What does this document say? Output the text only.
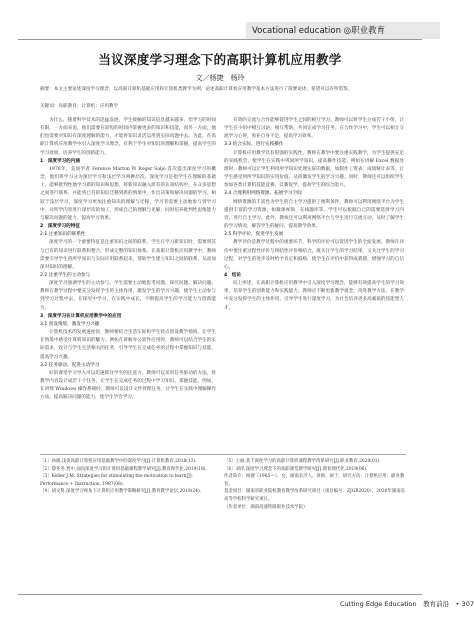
Vocational education ◎职业教育
当议深度学习理念下的高职计算机应用教学
文／杨捷　杨玲
摘要：本文主要论述深度学习理念，以高职计算机基础应用和计算机类教学为例，论述高职计算机应用教学基本方法进行了简要论述，希望可以有所借鉴。
关键词：高职教育；计算机；应用教学

为什么，随着科学技术的迅猛发展，学生接触的知识信息越来越多，但学习的时间有限。一方面来说，他们需要在较短的时间内掌握更多的知识和技能，而另一方面，他们也需要对知识有深度理解的能力，才能将知识灵活运用到实际问题中去。为此，在高职计算机应用教学中引入深度学习理念，有利于学生对知识的理解和掌握，提高学生的学习效果，培养学生的创新能力。

1　深度学习的内涵

1976年，美国学者 Ference Marton 和 Roger Saljo 首次提出深度学习的概念，他们将学习分为深层学习和浅层学习两种层次。深度学习是指学生在理解的基础上，能够批判性地学习新的知识和思想，将新知识融入原有的认知结构中，在众多思想之间进行联系，并能将已有的知识迁移到新的情境中，作出决策和解决问题的学习。相较于浅层学习，深度学习更加注重知识的理解与迁移，学习者需要主动地参与到学习中，对所学内容进行深层次的加工，形成自己的理解与见解，同时培养批判性思维能力与解决问题的能力，提高学习效果。

2　深度学习的特征

2.1 注重知识的联系性

深度学习的一个重要特征是注重知识之间的联系，学生在学习新知识时，需要将其与已有的知识进行联系和整合，形成完整的知识体系。在高职计算机应用教学中，教师需要引导学生将所学知识与实际应用联系起来，帮助学生建立知识之间的联系，从而加深对知识的理解。

2.2 注重学生的主动参与

深度学习强调学生的主动参与，学生需要主动地思考问题、探究问题、解决问题。教师在教学过程中要充分发挥学生的主体作用，激发学生的学习兴趣，使学生主动参与到学习过程中去，在探究中学习，在实践中成长，不断提高学生的学习能力与创新能力。

3　深度学习在计算机应用教学中的应用

3.1 创设情境，激发学习兴趣

计算机技术的发展速度快，教师要结合生活实际和学生特点创设教学情境，让学生在情境中感受计算机知识的魅力。例如在讲解办公软件应用时，教师可以结合学生的实际需求，设计与学生生活相关的任务，引导学生在完成任务的过程中掌握知识与技能，提高学习兴趣。

3.2 任务驱动，促进主动学习

好的课堂学习导入可以迅速抓住学生的注意力，教师可以采用任务驱动的方法，将教学内容设计成若干个任务，让学生在完成任务的过程中学习知识、掌握技能。例如，在讲授 Windows 操作系统时，教师可以设计文件管理任务，让学生在实践中理解操作方法，提高解决问题的能力，使学生学会学习。

有效的交流与合作能够促进学生之间的相互学习，教师可以将学生分成若干小组，让学生在小组中相互讨论、相互帮助，共同完成学习任务。在合作学习中，学生可以相互交流学习心得，弥补自身不足，提高学习效率。

3.3 结合实际，进行实践操作

计算机应用教学具有很强的实践性，教师在教学中要注重实践教学，为学生提供充足的实践机会，使学生在实践中巩固所学知识，提高操作技能。例如在讲解 Excel 数据处理时，教师可以让学生利用所学知识处理实际的数据，如制作工资表、成绩统计表等，让学生感受到所学知识的实用价值，从而激发学生的学习兴趣。同时，教师还可以组织学生参加各类计算机技能竞赛，以赛促学，提高学生的综合能力。

3.4 合理利用网络资源，拓展学习空间

网络资源的丰富性为学生的自主学习提供了便利条件，教师可以利用网络平台为学生提供丰富的学习资源，如微课视频、在线题库等，学生可以根据自己的需要选择学习内容，进行自主学习。此外，教师还可以利用网络平台与学生进行交流互动，及时了解学生的学习情况，解答学生的疑问，提高教学效果。

3.5 科学评价，促进学生发展

教学评价是教学过程中的重要环节，科学的评价可以促进学生的全面发展。教师在评价中要注重过程性评价与终结性评价相结合，既关注学生的学习结果，又关注学生的学习过程，对学生的进步及时给予肯定和鼓励，使学生在评价中获得成就感，增强学习的自信心。

4　结论

综上所述，在高职计算机应用教学中引入深度学习理念，能够有效提高学生的学习效果，培养学生的创新能力和实践能力。教师应不断更新教学观念，改进教学方法，在教学中充分发挥学生的主体作用，引导学生进行深度学习，为社会培养更多高素质的技能型人才。

［1］孙薇.浅谈高职计算机应用基础教学中的深度学习[J].计算机教育,2018(12).

［2］黎冬冬,贾中,面向深度学习的计算机基础课程教学研究[J].教育现代化,2019(18).

［3］Keller J M. Strategies for stimulating the motivation to learn[J]. Performance + Instruction, 1987(08).

［4］胡文科,深度学习视角下计算机应用教学策略研究[J].教育教学论坛,2019(24).

［5］王丽,基于深度学习的高职计算机课程教学改革研究[J].职业教育,2020(01).

［6］刘洋,深度学习理念下的高职课堂教学研究[J].教育现代化,2019(06).

作者简介：杨捷（1985—），女，湖南长沙人，讲师，硕士，研究方向：计算机应用、职业教育。

基金项目：湖南省职业院校教育教学改革研究项目（项目编号：ZJGB2020），2020年湖南省高等学校科学研究项目。

（作者单位：湖南高速铁路职业技术学院）

Cutting Edge Education　教育前沿　• 307
